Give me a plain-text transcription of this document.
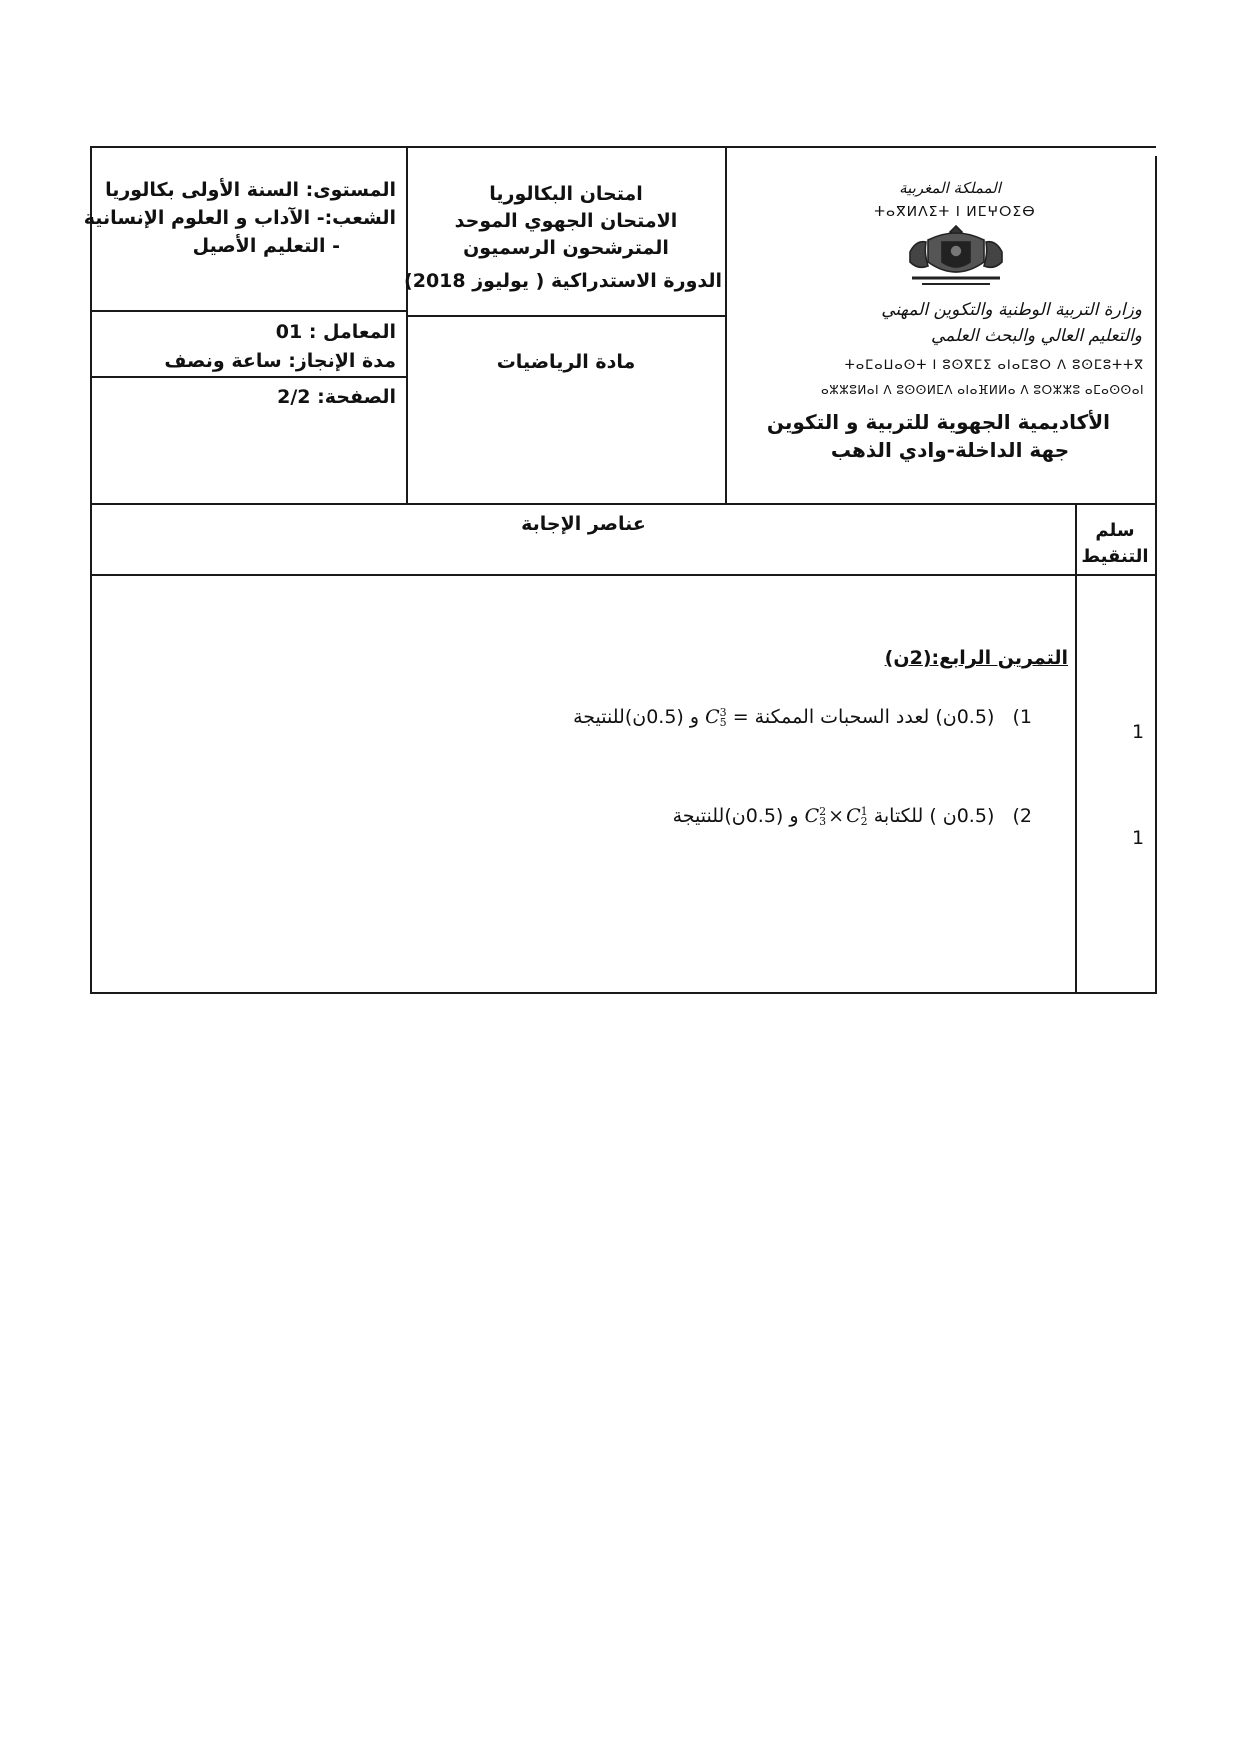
المستوى: السنة الأولى بكالوريا
الشعب:- الآداب و العلوم الإنسانية
- التعليم الأصيل
امتحان البكالوريا
الامتحان الجهوي الموحد
المترشحون الرسميون
الدورة الاستدراكية ( يوليوز 2018)
المملكة المغربية
ⵜⴰⴳⵍⴷⵉⵜ ⵏ ⵍⵎⵖⵔⵉⴱ
وزارة التربية الوطنية والتكوين المهني
والتعليم العالي والبحث العلمي
ⵜⴰⵎⴰⵡⴰⵙⵜ ⵏ ⵓⵙⴳⵎⵉ ⴰⵏⴰⵎⵓⵔ ⴷ ⵓⵙⵎⵓⵜⵜⴳ
ⴰⵣⵣⵓⵍⴰⵏ ⴷ ⵓⵙⵙⵍⵎⴷ ⴰⵏⴰⴼⵍⵍⴰ ⴷ ⵓⵔⵣⵣⵓ ⴰⵎⴰⵙⵙⴰⵏ
الأكاديمية الجهوية للتربية و التكوين
جهة الداخلة-وادي الذهب
المعامل : 01
مدة الإنجاز: ساعة ونصف
الصفحة: 2/2
مادة الرياضيات
عناصر الإجابة	سلم التنقيط
التمرين الرابع:(2ن)
1)   (0.5ن) لعدد السحبات الممكنة = C 3
5
و (0.5ن)للنتيجة
1
2)   (0.5ن ) للكتابة C 2
3 × C 1
2
و (0.5ن)للنتيجة
1
